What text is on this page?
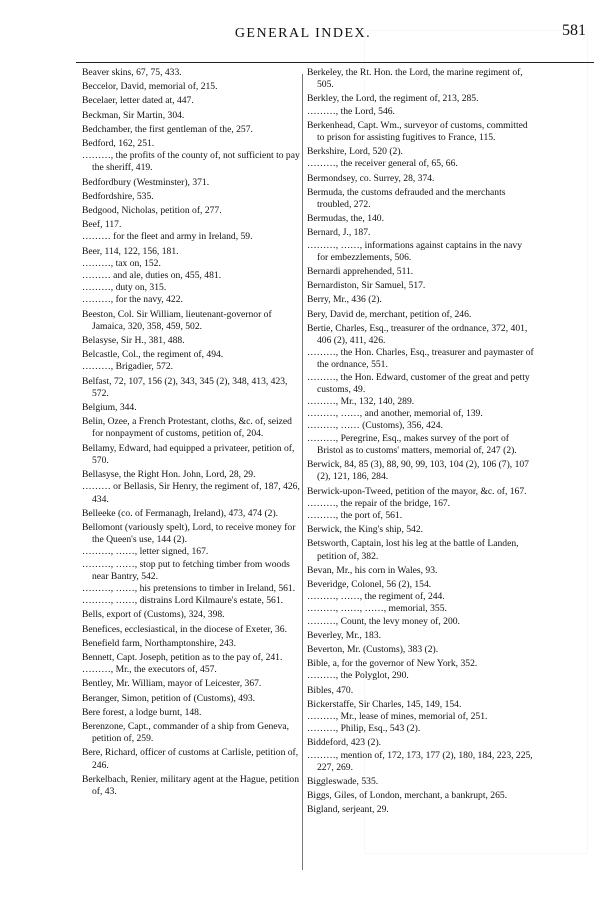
GENERAL INDEX.	581

Beaver skins, 67, 75, 433.

Beccelor, David, memorial of, 215.

Becelaer, letter dated at, 447.

Beckman, Sir Martin, 304.

Bedchamber, the first gentleman of the, 257.

Bedford, 162, 251.

………, the profits of the county of, not sufficient to pay the sheriff, 419.

Bedfordbury (Westminster), 371.

Bedfordshire, 535.

Bedgood, Nicholas, petition of, 277.

Beef, 117.

……… for the fleet and army in Ireland, 59.

Beer, 114, 122, 156, 181.

………, tax on, 152.

……… and ale, duties on, 455, 481.

………, duty on, 315.

………, for the navy, 422.

Beeston, Col. Sir William, lieutenant-governor of Jamaica, 320, 358, 459, 502.

Belasyse, Sir H., 381, 488.

Belcastle, Col., the regiment of, 494.

………, Brigadier, 572.

Belfast, 72, 107, 156 (2), 343, 345 (2), 348, 413, 423, 572.

Belgium, 344.

Belin, Ozee, a French Protestant, cloths, &c. of, seized for nonpayment of customs, petition of, 204.

Bellamy, Edward, had equipped a privateer, petition of, 570.

Bellasyse, the Right Hon. John, Lord, 28, 29.

……… or Bellasis, Sir Henry, the regiment of, 187, 426, 434.

Belleeke (co. of Fermanagh, Ireland), 473, 474 (2).

Bellomont (variously spelt), Lord, to receive money for the Queen's use, 144 (2).

………, ……, letter signed, 167.

………, ……, stop put to fetching timber from woods near Bantry, 542.

………, ……, his pretensions to timber in Ireland, 561.

………, ……, distrains Lord Kilmaure's estate, 561.

Bells, export of (Customs), 324, 398.

Benefices, ecclesiastical, in the diocese of Exeter, 36.

Benefield farm, Northamptonshire, 243.

Bennett, Capt. Joseph, petition as to the pay of, 241.

………, Mr., the executors of, 457.

Bentley, Mr. William, mayor of Leicester, 367.

Beranger, Simon, petition of (Customs), 493.

Bere forest, a lodge burnt, 148.

Berenzone, Capt., commander of a ship from Geneva, petition of, 259.

Bere, Richard, officer of customs at Carlisle, petition of, 246.

Berkelbach, Renier, military agent at the Hague, petition of, 43.

Berkeley, the Rt. Hon. the Lord, the marine regiment of, 505.

Berkley, the Lord, the regiment of, 213, 285.

………, the Lord, 546.

Berkenhead, Capt. Wm., surveyor of customs, committed to prison for assisting fugitives to France, 115.

Berkshire, Lord, 520 (2).

………, the receiver general of, 65, 66.

Bermondsey, co. Surrey, 28, 374.

Bermuda, the customs defrauded and the merchants troubled, 272.

Bermudas, the, 140.

Bernard, J., 187.

………, ……, informations against captains in the navy for embezzlements, 506.

Bernardi apprehended, 511.

Bernardiston, Sir Samuel, 517.

Berry, Mr., 436 (2).

Bery, David de, merchant, petition of, 246.

Bertie, Charles, Esq., treasurer of the ordnance, 372, 401, 406 (2), 411, 426.

………, the Hon. Charles, Esq., treasurer and paymaster of the ordnance, 551.

………, the Hon. Edward, customer of the great and petty customs, 49.

………, Mr., 132, 140, 289.

………, ……, and another, memorial of, 139.

………, …… (Customs), 356, 424.

………, Peregrine, Esq., makes survey of the port of Bristol as to customs' matters, memorial of, 247 (2).

Berwick, 84, 85 (3), 88, 90, 99, 103, 104 (2), 106 (7), 107 (2), 121, 186, 284.

Berwick-upon-Tweed, petition of the mayor, &c. of, 167.

………, the repair of the bridge, 167.

………, the port of, 561.

Berwick, the King's ship, 542.

Betsworth, Captain, lost his leg at the battle of Landen, petition of, 382.

Bevan, Mr., his corn in Wales, 93.

Beveridge, Colonel, 56 (2), 154.

………, ……, the regiment of, 244.

………, ……, ……, memorial, 355.

………, Count, the levy money of, 200.

Beverley, Mr., 183.

Beverton, Mr. (Customs), 383 (2).

Bible, a, for the governor of New York, 352.

………, the Polyglot, 290.

Bibles, 470.

Bickerstaffe, Sir Charles, 145, 149, 154.

………, Mr., lease of mines, memorial of, 251.

………, Philip, Esq., 543 (2).

Biddeford, 423 (2).

………, mention of, 172, 173, 177 (2), 180, 184, 223, 225, 227, 269.

Biggleswade, 535.

Biggs, Giles, of London, merchant, a bankrupt, 265.

Bigland, serjeant, 29.
